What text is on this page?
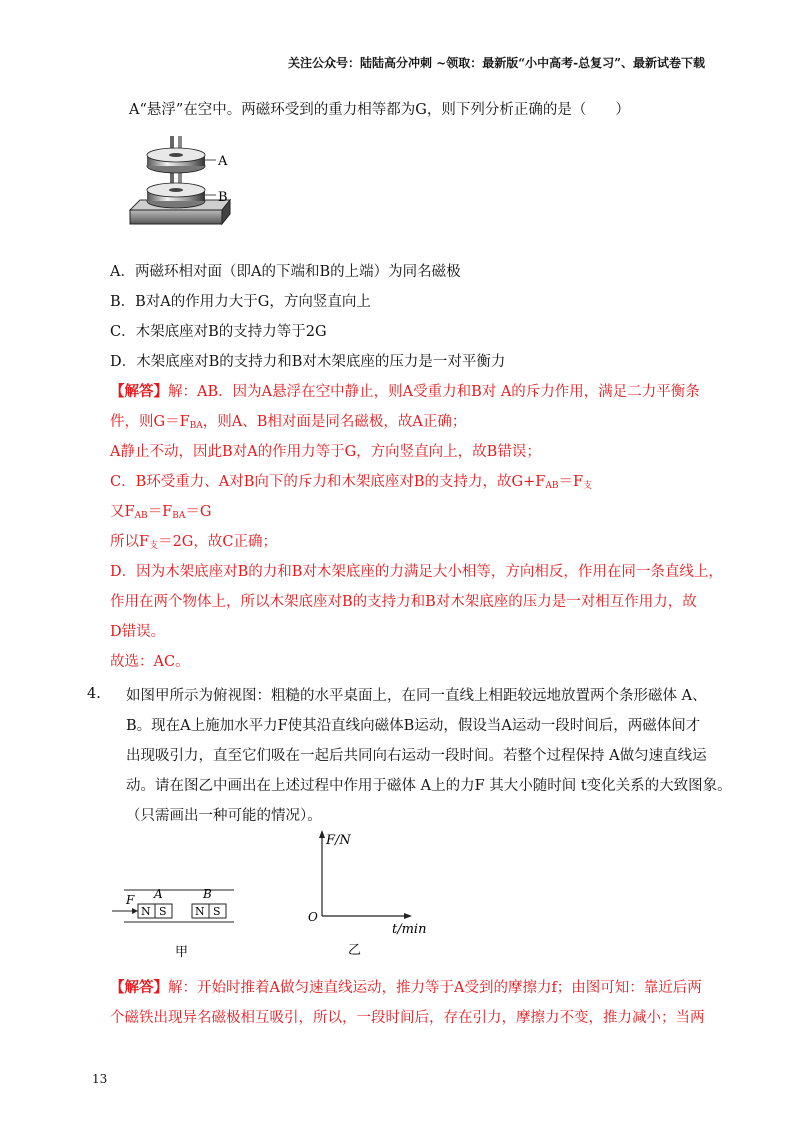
关注公众号：陆陆高分冲刺 ~领取：最新版“小中高考-总复习”、最新试卷下载
A“悬浮”在空中。两磁环受到的重力相等都为G，则下列分析正确的是（　　）
A
B
A．两磁环相对面（即A的下端和B的上端）为同名磁极
B．B对A的作用力大于G，方向竖直向上
C．木架底座对B的支持力等于2G
D．木架底座对B的支持力和B对木架底座的压力是一对平衡力
【解答】解：AB．因为A悬浮在空中静止，则A受重力和B对 A的斥力作用，满足二力平衡条
件，则$G=F_{BA}$，则A、B相对面是同名磁极，故A正确；
A静止不动，因此B对A的作用力等于G，方向竖直向上，故B错误；
C．B环受重力、A对B向下的斥力和木架底座对B的支持力，故$G+F_{AB}=F_支$
又$F_{AB}=F_{BA}=G$
所以$F_支=2G$，故C正确；
D．因为木架底座对B的力和B对木架底座的力满足大小相等，方向相反，作用在同一条直线上，
作用在两个物体上，所以木架底座对B的支持力和B对木架底座的压力是一对相互作用力，故
D错误。
故选：AC。
4. 如图甲所示为俯视图：粗糙的水平桌面上，在同一直线上相距较远地放置两个条形磁体 A、
B。现在A上施加水平力F使其沿直线向磁体B运动，假设当A运动一段时间后，两磁体间才
出现吸引力，直至它们吸在一起后共同向右运动一段时间。若整个过程保持 A做匀速直线运
动。请在图乙中画出在上述过程中作用于磁体 A上的力F 其大小随时间 t变化关系的大致图象。
（只需画出一种可能的情况）。
F A	B
N S	N S
甲
F/N
t/min
O
乙
【解答】解：开始时推着A做匀速直线运动，推力等于A受到的摩擦力f；由图可知：靠近后两
个磁铁出现异名磁极相互吸引，所以，一段时间后，存在引力，摩擦力不变，推力减小；当两
13
